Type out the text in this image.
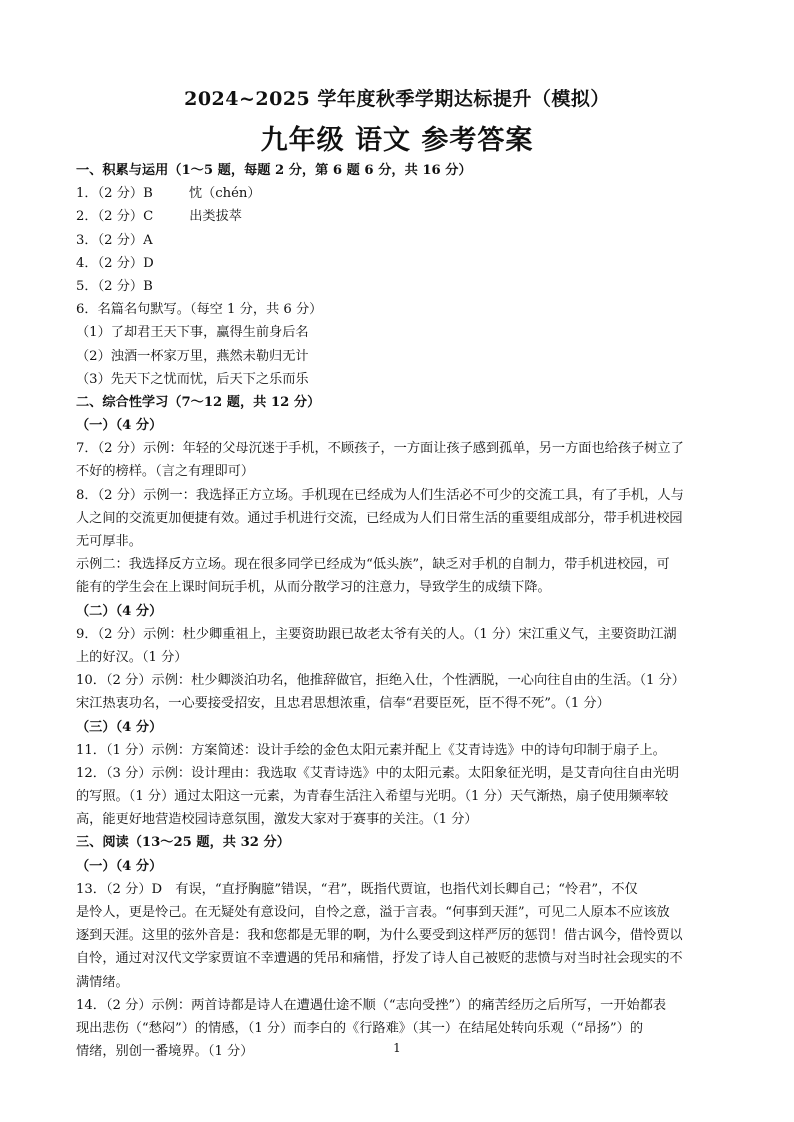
2024~2025 学年度秋季学期达标提升（模拟）
九年级 语文 参考答案
一、积累与运用（1～5 题，每题 2 分，第 6 题 6 分，共 16 分）
1．（2 分）B	忱（chén）
2．（2 分）C	出类拔萃
3．（2 分）A
4．（2 分）D
5．（2 分）B
6．名篇名句默写。（每空 1 分，共 6 分）
（1）了却君王天下事，赢得生前身后名
（2）浊酒一杯家万里，燕然未勒归无计
（3）先天下之忧而忧，后天下之乐而乐
二、综合性学习（7～12 题，共 12 分）
（一）（4 分）
7．（2 分）示例：年轻的父母沉迷于手机，不顾孩子，一方面让孩子感到孤单，另一方面也给孩子树立了
不好的榜样。（言之有理即可）
8．（2 分）示例一：我选择正方立场。手机现在已经成为人们生活必不可少的交流工具，有了手机，人与
人之间的交流更加便捷有效。通过手机进行交流，已经成为人们日常生活的重要组成部分，带手机进校园
无可厚非。
示例二：我选择反方立场。现在很多同学已经成为“低头族”，缺乏对手机的自制力，带手机进校园，可
能有的学生会在上课时间玩手机，从而分散学习的注意力，导致学生的成绩下降。
（二）（4 分）
9．（2 分）示例：杜少卿重祖上，主要资助跟已故老太爷有关的人。（1 分）宋江重义气，主要资助江湖
上的好汉。（1 分）
10．（2 分）示例：杜少卿淡泊功名，他推辞做官，拒绝入仕，个性洒脱，一心向往自由的生活。（1 分）
宋江热衷功名，一心要接受招安，且忠君思想浓重，信奉“君要臣死，臣不得不死”。（1 分）
（三）（4 分）
11．（1 分）示例：方案简述：设计手绘的金色太阳元素并配上《艾青诗选》中的诗句印制于扇子上。
12．（3 分）示例：设计理由：我选取《艾青诗选》中的太阳元素。太阳象征光明，是艾青向往自由光明
的写照。（1 分）通过太阳这一元素，为青春生活注入希望与光明。（1 分）天气渐热，扇子使用频率较
高，能更好地营造校园诗意氛围，激发大家对于赛事的关注。（1 分）
三、阅读（13～25 题，共 32 分）
（一）（4 分）
13．（2 分）D　有误，“直抒胸臆”错误，“君”，既指代贾谊，也指代刘长卿自己；“怜君”，不仅
是怜人，更是怜己。在无疑处有意设问，自怜之意，溢于言表。“何事到天涯”，可见二人原本不应该放
逐到天涯。这里的弦外音是：我和您都是无罪的啊，为什么要受到这样严厉的惩罚！借古讽今，借怜贾以
自怜，通过对汉代文学家贾谊不幸遭遇的凭吊和痛惜，抒发了诗人自己被贬的悲愤与对当时社会现实的不
满情绪。
14．（2 分）示例：两首诗都是诗人在遭遇仕途不顺（“志向受挫”）的痛苦经历之后所写，一开始都表
现出悲伤（“愁闷”）的情感，（1 分）而李白的《行路难》（其一）在结尾处转向乐观（“昂扬”）的
情绪，别创一番境界。（1 分）	1
